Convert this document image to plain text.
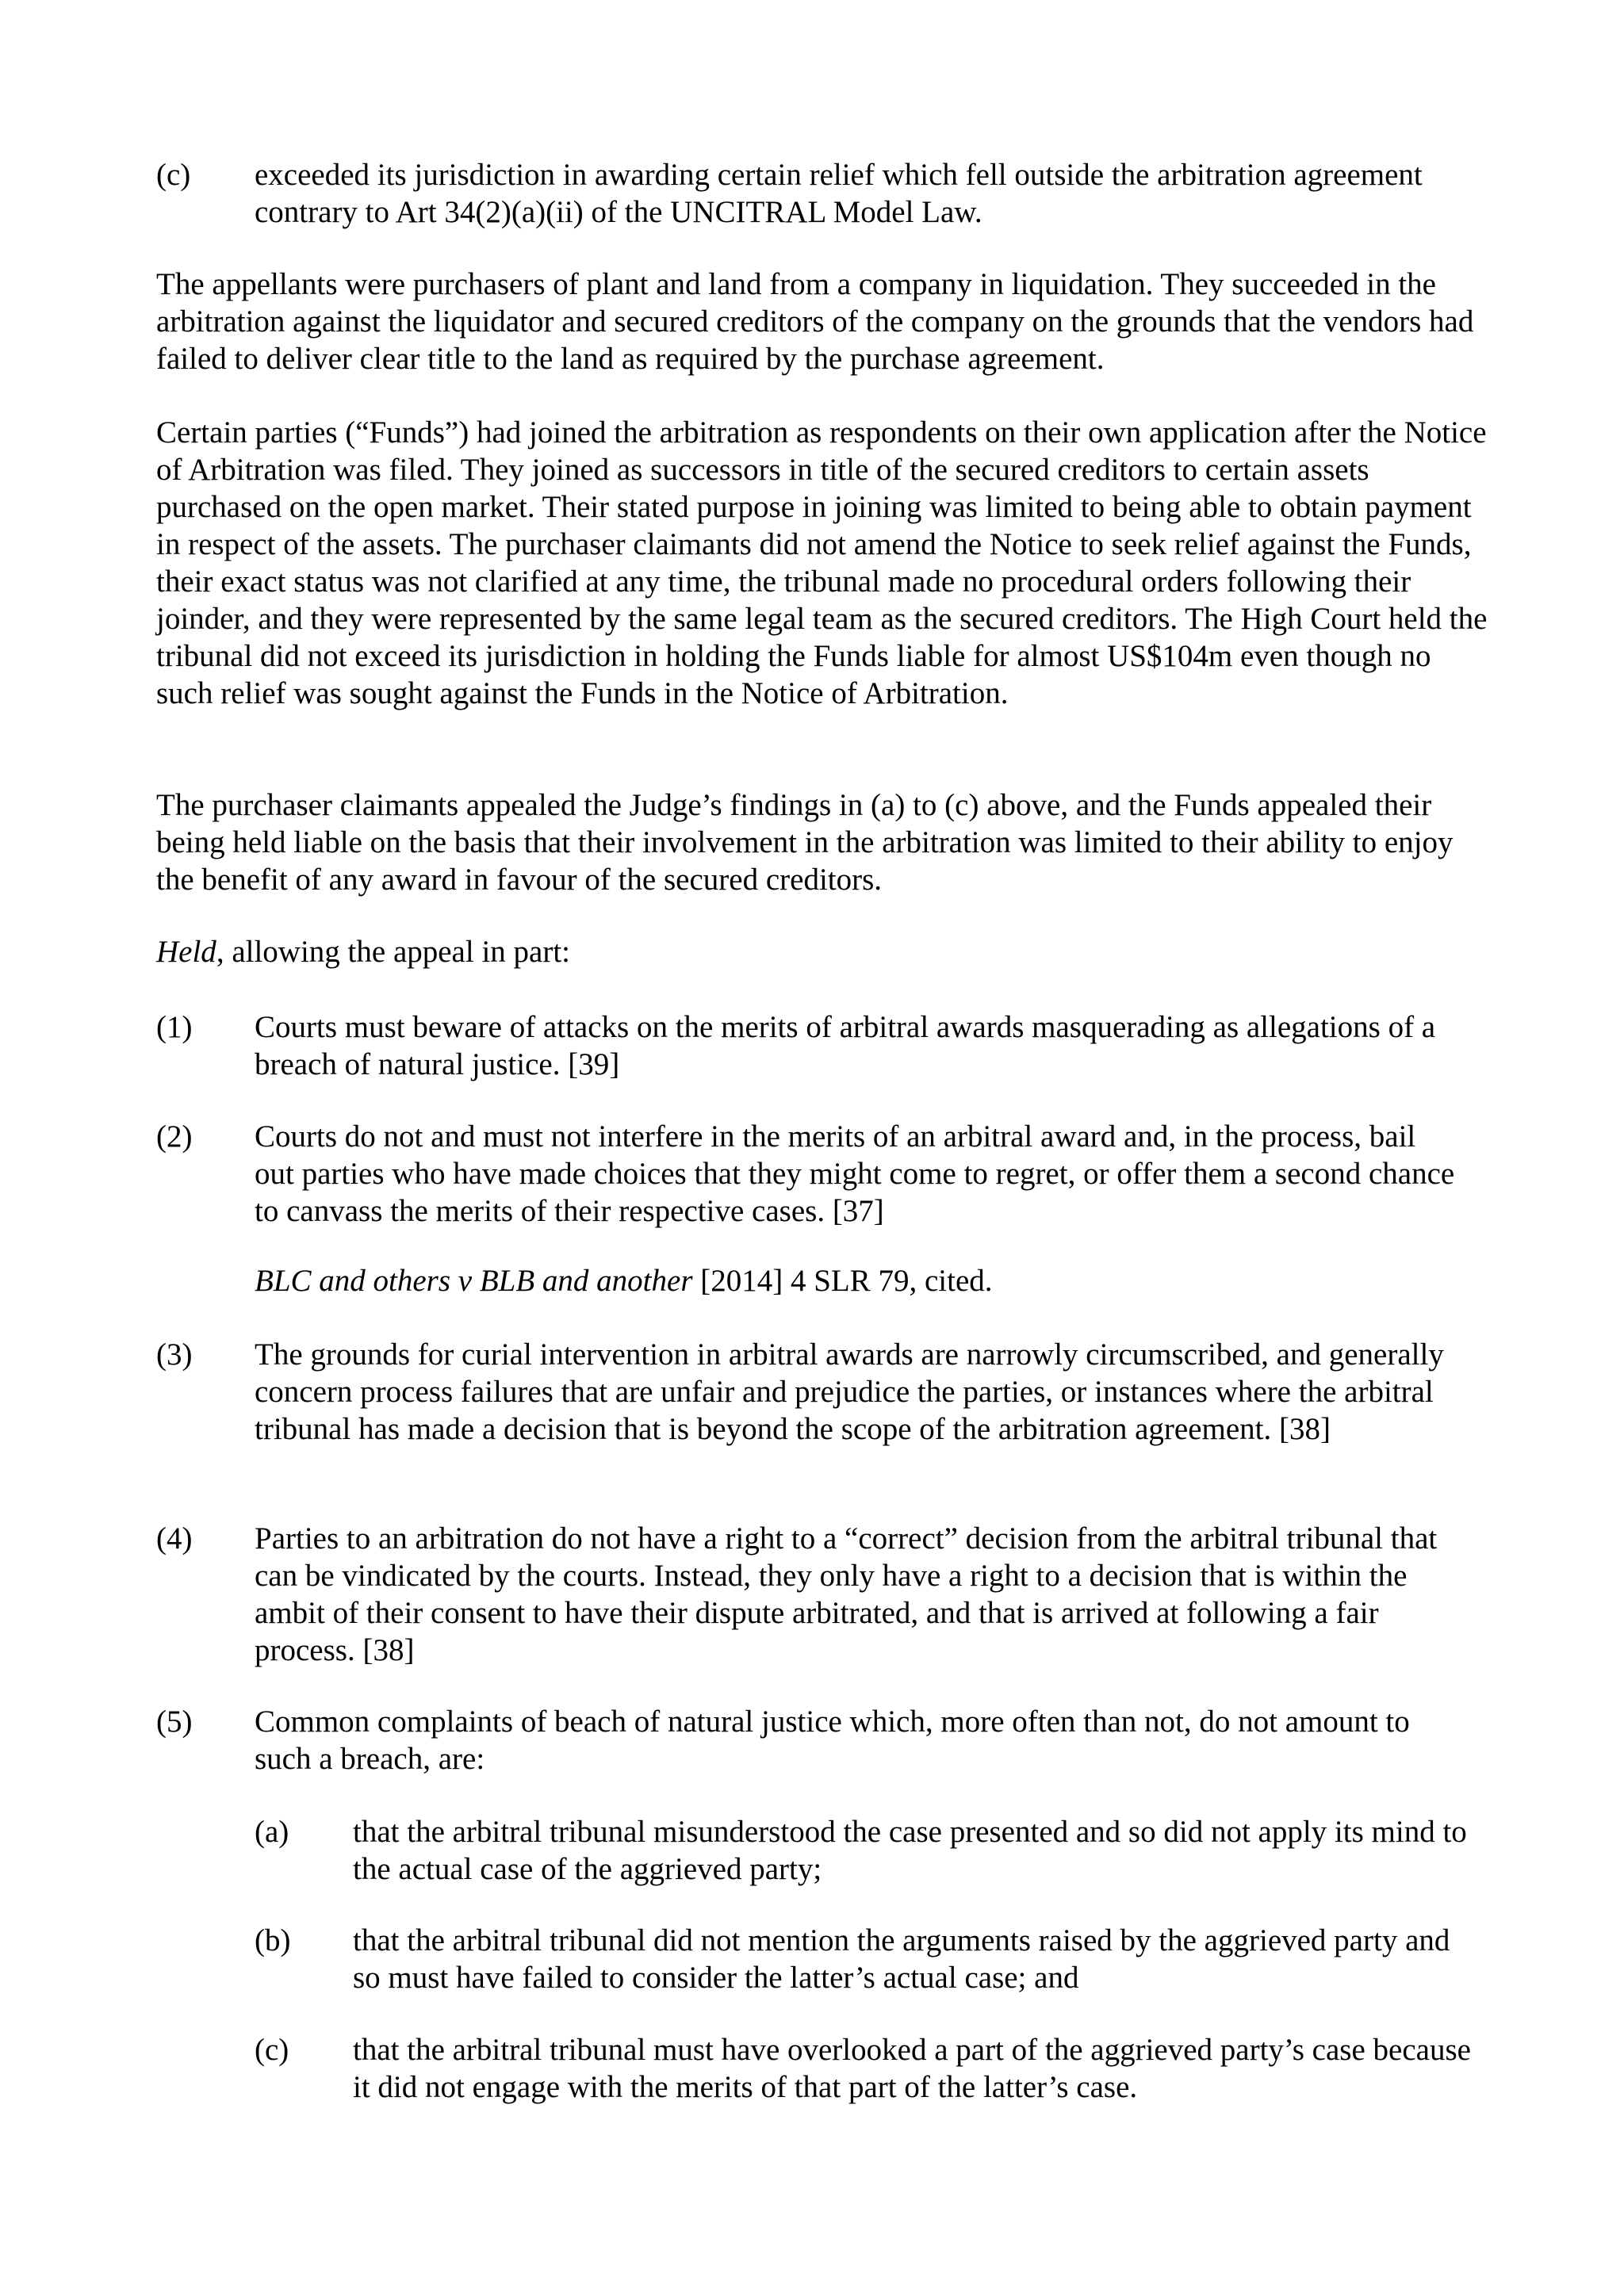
(c) exceeded its jurisdiction in awarding certain relief which fell outside the arbitration agreement contrary to Art 34(2)(a)(ii) of the UNCITRAL Model Law.

The appellants were purchasers of plant and land from a company in liquidation. They succeeded in the arbitration against the liquidator and secured creditors of the company on the grounds that the vendors had failed to deliver clear title to the land as required by the purchase agreement.

Certain parties (“Funds”) had joined the arbitration as respondents on their own application after the Notice of Arbitration was filed. They joined as successors in title of the secured creditors to certain assets purchased on the open market. Their stated purpose in joining was limited to being able to obtain payment in respect of the assets. The purchaser claimants did not amend the Notice to seek relief against the Funds, their exact status was not clarified at any time, the tribunal made no procedural orders following their joinder, and they were represented by the same legal team as the secured creditors. The High Court held the tribunal did not exceed its jurisdiction in holding the Funds liable for almost US$104m even though no such relief was sought against the Funds in the Notice of Arbitration.

The purchaser claimants appealed the Judge’s findings in (a) to (c) above, and the Funds appealed their being held liable on the basis that their involvement in the arbitration was limited to their ability to enjoy the benefit of any award in favour of the secured creditors.

Held, allowing the appeal in part:

(1) Courts must beware of attacks on the merits of arbitral awards masquerading as allegations of a breach of natural justice. [39]

(2) Courts do not and must not interfere in the merits of an arbitral award and, in the process, bail out parties who have made choices that they might come to regret, or offer them a second chance to canvass the merits of their respective cases. [37]

BLC and others v BLB and another [2014] 4 SLR 79, cited.

(3) The grounds for curial intervention in arbitral awards are narrowly circumscribed, and generally concern process failures that are unfair and prejudice the parties, or instances where the arbitral tribunal has made a decision that is beyond the scope of the arbitration agreement. [38]

(4) Parties to an arbitration do not have a right to a “correct” decision from the arbitral tribunal that can be vindicated by the courts. Instead, they only have a right to a decision that is within the ambit of their consent to have their dispute arbitrated, and that is arrived at following a fair process. [38]

(5) Common complaints of beach of natural justice which, more often than not, do not amount to such a breach, are:

(a) that the arbitral tribunal misunderstood the case presented and so did not apply its mind to the actual case of the aggrieved party;

(b) that the arbitral tribunal did not mention the arguments raised by the aggrieved party and so must have failed to consider the latter’s actual case; and

(c) that the arbitral tribunal must have overlooked a part of the aggrieved party’s case because it did not engage with the merits of that part of the latter’s case.
